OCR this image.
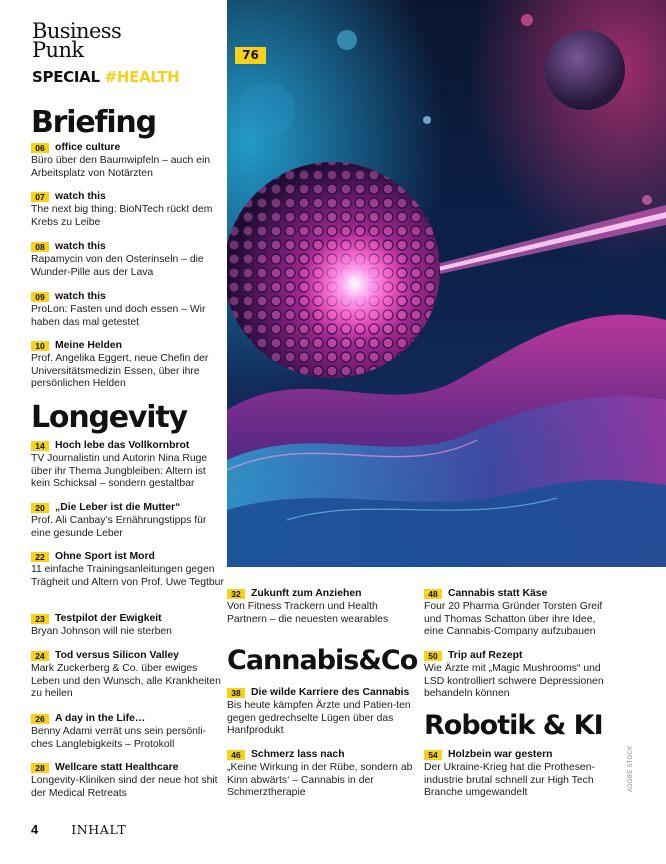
Business
Punk
SPECIAL #HEALTH
76
Briefing
Longevity
Cannabis&Co
Robotik & KI
06 office culture
Büro über den Baumwipfeln – auch ein Arbeitsplatz von Notärzten
07 watch this
The next big thing: BioNTech rückt dem Krebs zu Leibe
08 watch this
Rapamycin von den Osterinseln – die Wunder-Pille aus der Lava
09 watch this
ProLon: Fasten und doch essen – Wir haben das mal getestet
10 Meine Helden
Prof. Angelika Eggert, neue Chefin der Universitätsmedizin Essen, über ihre persönlichen Helden
14 Hoch lebe das Vollkornbrot
TV Journalistin und Autorin Nina Ruge über ihr Thema Jungbleiben: Altern ist kein Schicksal – sondern gestaltbar
20 „Die Leber ist die Mutter“
Prof. Ali Canbay’s Ernährungstipps für eine gesunde Leber
22 Ohne Sport ist Mord
11 einfache Trainingsanleitungen gegen Trägheit und Altern von Prof. Uwe Tegtbur
23 Testpilot der Ewigkeit
Bryan Johnson will nie sterben
24 Tod versus Silicon Valley
Mark Zuckerberg & Co. über ewiges Leben und den Wunsch, alle Krankheiten zu heilen
26 A day in the Life…
Benny Adami verrät uns sein persönli-ches Langlebigkeits – Protokoll
28 Wellcare statt Healthcare
Longevity-Kliniken sind der neue hot shit der Medical Retreats
32 Zukunft zum Anziehen
Von Fitness Trackern und Health Partnern – die neuesten wearables
38 Die wilde Karriere des Cannabis
Bis heute kämpfen Ärzte und Patien-ten gegen gedrechselte Lügen über das Hanfprodukt
46 Schmerz lass nach
„Keine Wirkung in der Rübe, sondern ab Kinn abwärts‘ – Cannabis in der Schmerztherapie
48 Cannabis statt Käse
Four 20 Pharma Gründer Torsten Greif und Thomas Schatton über ihre Idee, eine Cannabis-Company aufzubauen
50 Trip auf Rezept
Wie Ärzte mit „Magic Mushrooms“ und LSD kontrolliert schwere Depressionen behandeln können
54 Holzbein war gestern
Der Ukraine-Krieg hat die Prothesen-industrie brutal schnell zur High Tech Branche umgewandelt
ADOBE STOCK
4	INHALT
